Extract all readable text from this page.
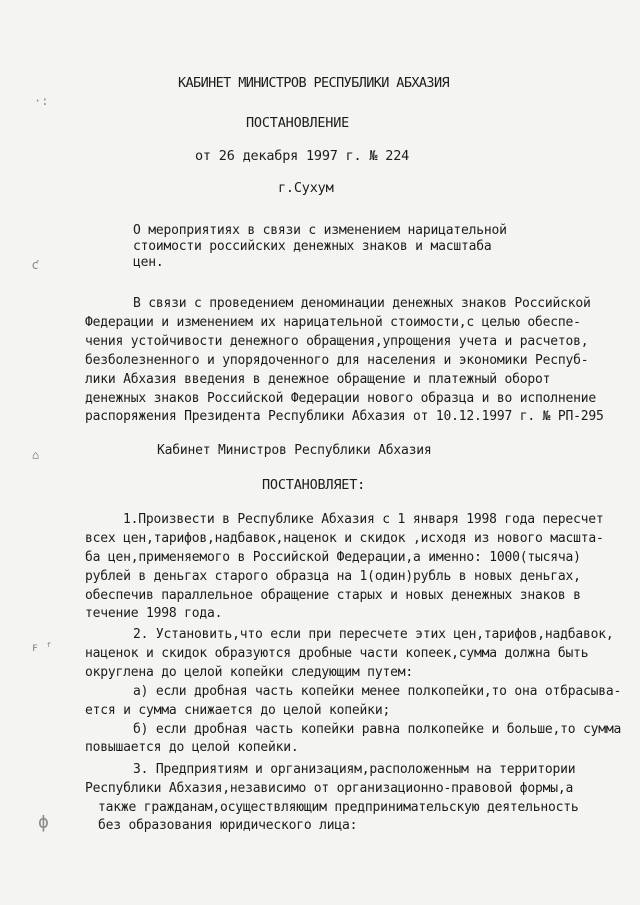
·:
ƈ
⌂
ꜰ ᶠ
ϕ
КАБИНЕТ МИНИСТРОВ РЕСПУБЛИКИ АБХАЗИЯ
ПОСТАНОВЛЕНИЕ
от 26 декабря 1997 г. № 224
г.Сухум
О мероприятиях в связи с изменением нарицательной
стоимости российских денежных знаков и масштаба
цен.
В связи с проведением деноминации денежных знаков Российской
Федерации и изменением их нарицательной стоимости,с целью обеспе-
чения устойчивости денежного обращения,упрощения учета и расчетов,
безболезненного и упорядоченного для населения и экономики Респуб-
лики Абхазия введения в денежное обращение и платежный оборот
денежных знаков Российской Федерации нового образца и во исполнение
распоряжения Президента Республики Абхазия от 10.12.1997 г. № РП-295
Кабинет Министров Республики Абхазия
ПОСТАНОВЛЯЕТ:
1.Произвести в Республике Абхазия с 1 января 1998 года пересчет
всех цен,тарифов,надбавок,наценок и скидок ,исходя из нового масшта-
ба цен,применяемого в Российской Федерации,а именно: 1000(тысяча)
рублей в деньгах старого образца на 1(один)рубль в новых деньгах,
обеспечив параллельное обращение старых и новых денежных знаков в
течение 1998 года.
2. Установить,что если при пересчете этих цен,тарифов,надбавок,
наценок и скидок образуются дробные части копеек,сумма должна быть
округлена до целой копейки следующим путем:
а) если дробная часть копейки менее полкопейки,то она отбрасыва-
ется и сумма снижается до целой копейки;
б) если дробная часть копейки равна полкопейке и больше,то сумма
повышается до целой копейки.
3. Предприятиям и организациям,расположенным на территории
Республики Абхазия,независимо от организационно-правовой формы,а
также гражданам,осуществляющим предпринимательскую деятельность
без образования юридического лица:
